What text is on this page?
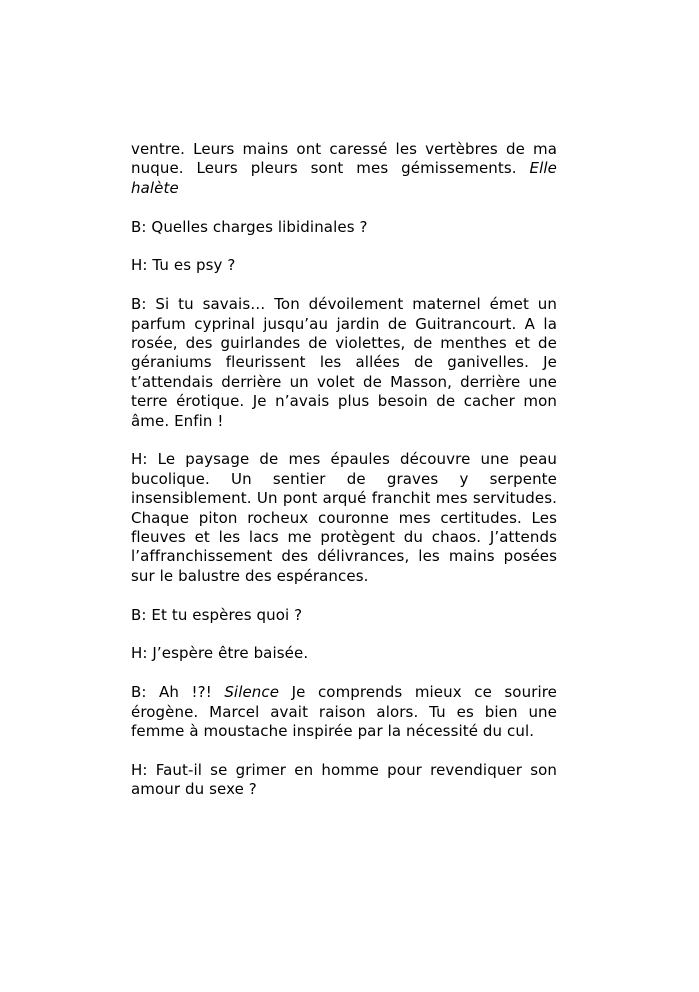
ventre. Leurs mains ont caressé les vertèbres de ma nuque. Leurs pleurs sont mes gémissements. Elle halète

B: Quelles charges libidinales ?

H: Tu es psy ?

B: Si tu savais… Ton dévoilement maternel émet un parfum cyprinal jusqu’au jardin de Guitrancourt. A la rosée, des guirlandes de violettes, de menthes et de géraniums fleurissent les allées de ganivelles. Je t’attendais derrière un volet de Masson, derrière une terre érotique. Je n’avais plus besoin de cacher mon âme. Enfin !

H: Le paysage de mes épaules découvre une peau bucolique. Un sentier de graves y serpente insensiblement. Un pont arqué franchit mes servitudes. Chaque piton rocheux couronne mes certitudes. Les fleuves et les lacs me protègent du chaos. J’attends l’affranchissement des délivrances, les mains posées sur le balustre des espérances.

B: Et tu espères quoi ?

H: J’espère être baisée.

B: Ah !?! Silence Je comprends mieux ce sourire érogène. Marcel avait raison alors. Tu es bien une femme à moustache inspirée par la nécessité du cul.

H: Faut-il se grimer en homme pour revendiquer son amour du sexe ?
